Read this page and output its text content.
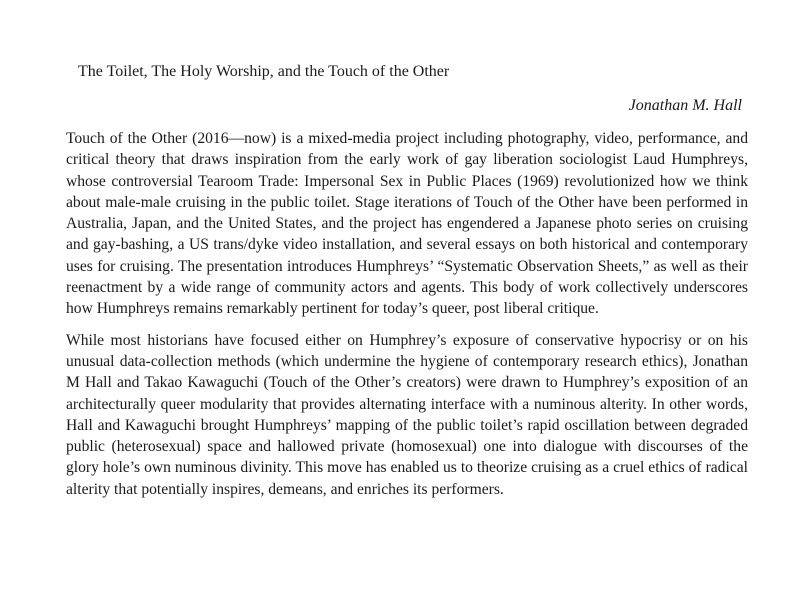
The Toilet, The Holy Worship, and the Touch of the Other
Jonathan M. Hall

Touch of the Other (2016—now) is a mixed-media project including photography, video, performance, and critical theory that draws inspiration from the early work of gay liberation sociologist Laud Humphreys, whose controversial Tearoom Trade: Impersonal Sex in Public Places (1969) revolutionized how we think about male-male cruising in the public toilet. Stage iterations of Touch of the Other have been performed in Australia, Japan, and the United States, and the project has engendered a Japanese photo series on cruising and gay-bashing, a US trans/dyke video installation, and several essays on both historical and contemporary uses for cruising. The presentation introduces Humphreys’ “Systematic Observation Sheets,” as well as their reenactment by a wide range of community actors and agents. This body of work collectively underscores how Humphreys remains remarkably pertinent for today’s queer, post liberal critique.

While most historians have focused either on Humphrey’s exposure of conservative hypocrisy or on his unusual data-collection methods (which undermine the hygiene of contemporary research ethics), Jonathan M Hall and Takao Kawaguchi (Touch of the Other’s creators) were drawn to Humphrey’s exposition of an architecturally queer modularity that provides alternating interface with a numinous alterity. In other words, Hall and Kawaguchi brought Humphreys’ mapping of the public toilet’s rapid oscillation between degraded public (heterosexual) space and hallowed private (homosexual) one into dialogue with discourses of the glory hole’s own numinous divinity. This move has enabled us to theorize cruising as a cruel ethics of radical alterity that potentially inspires, demeans, and enriches its performers.
